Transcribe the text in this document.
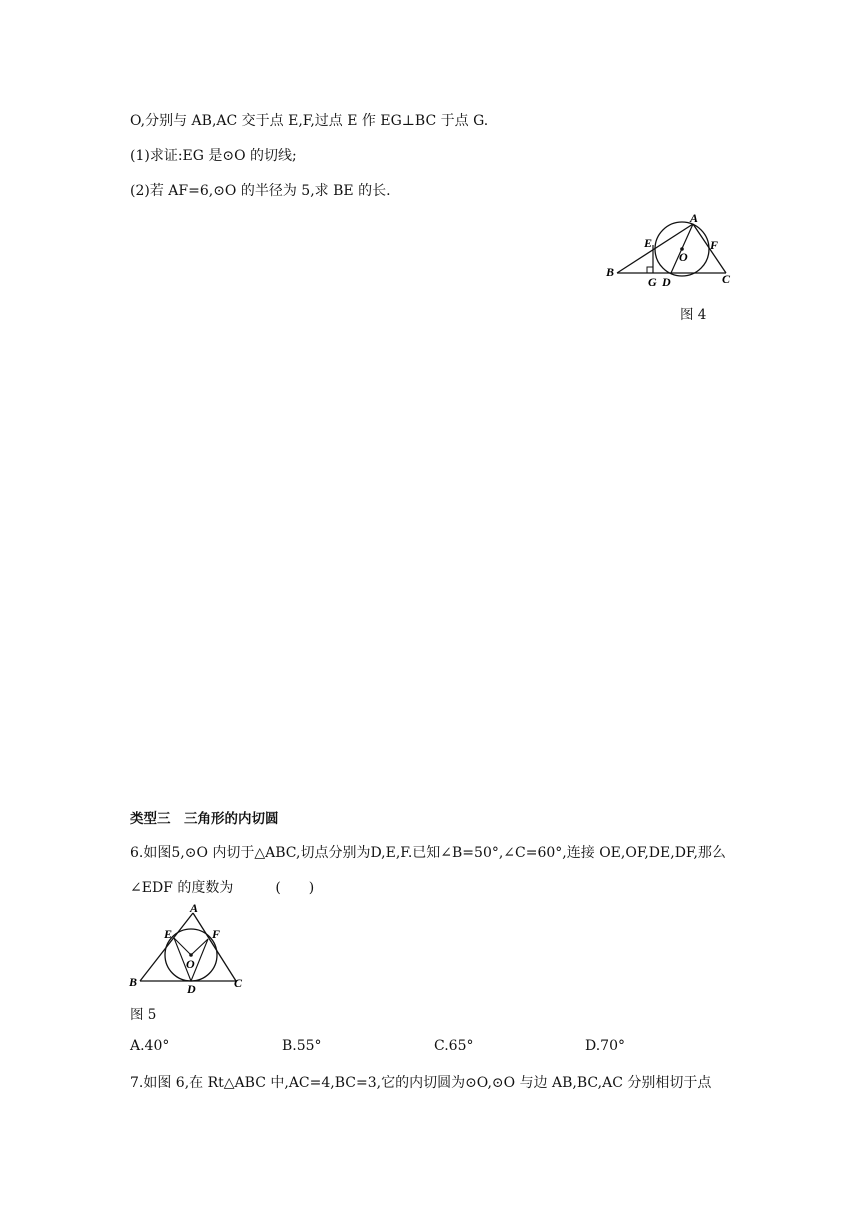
O,分别与 AB,AC 交于点 E,F,过点 E 作 EG⊥BC 于点 G.
(1)求证:EG 是⊙O 的切线;
(2)若 AF=6,⊙O 的半径为 5,求 BE 的长.
A
E	F
O
B
G D	C
图 4
类型三　三角形的内切圆
6.如图5,⊙O 内切于△ABC,切点分别为D,E,F.已知∠B=50°,∠C=60°,连接 OE,OF,DE,DF,那么
∠EDF 的度数为　　　(　　)
A
E	F
O
B	D	C
图 5
A.40°	B.55°	C.65°	D.70°
7.如图 6,在 Rt△ABC 中,AC=4,BC=3,它的内切圆为⊙O,⊙O 与边 AB,BC,AC 分别相切于点
